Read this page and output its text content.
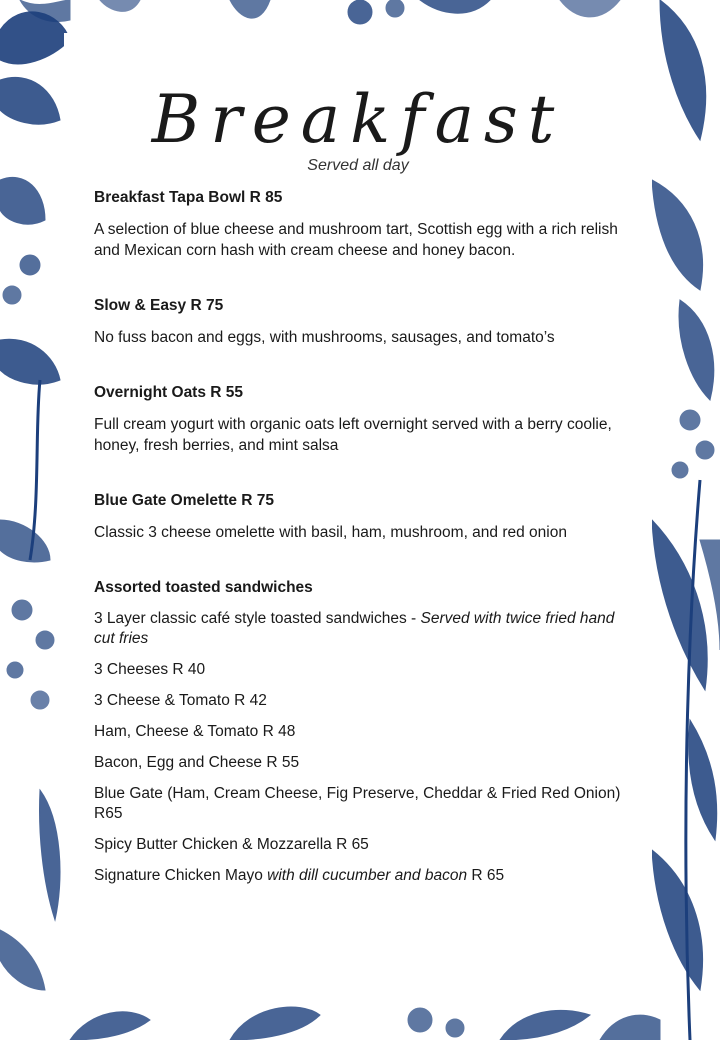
Breakfast
Served all day
Breakfast Tapa Bowl R 85
A selection of blue cheese and mushroom tart, Scottish egg with a rich relish and Mexican corn hash with cream cheese and honey bacon.
Slow & Easy R 75
No fuss bacon and eggs, with mushrooms, sausages, and tomato’s
Overnight Oats R 55
Full cream yogurt with organic oats left overnight served with a berry coolie, honey, fresh berries, and mint salsa
Blue Gate Omelette R 75
Classic 3 cheese omelette with basil, ham, mushroom, and red onion
Assorted toasted sandwiches
3 Layer classic café style toasted sandwiches - Served with twice fried hand cut fries
3 Cheeses R 40
3 Cheese & Tomato R 42
Ham, Cheese & Tomato R 48
Bacon, Egg and Cheese R 55
Blue Gate (Ham, Cream Cheese, Fig Preserve, Cheddar & Fried Red Onion) R65
Spicy Butter Chicken & Mozzarella R 65
Signature Chicken Mayo with dill cucumber and bacon R 65
